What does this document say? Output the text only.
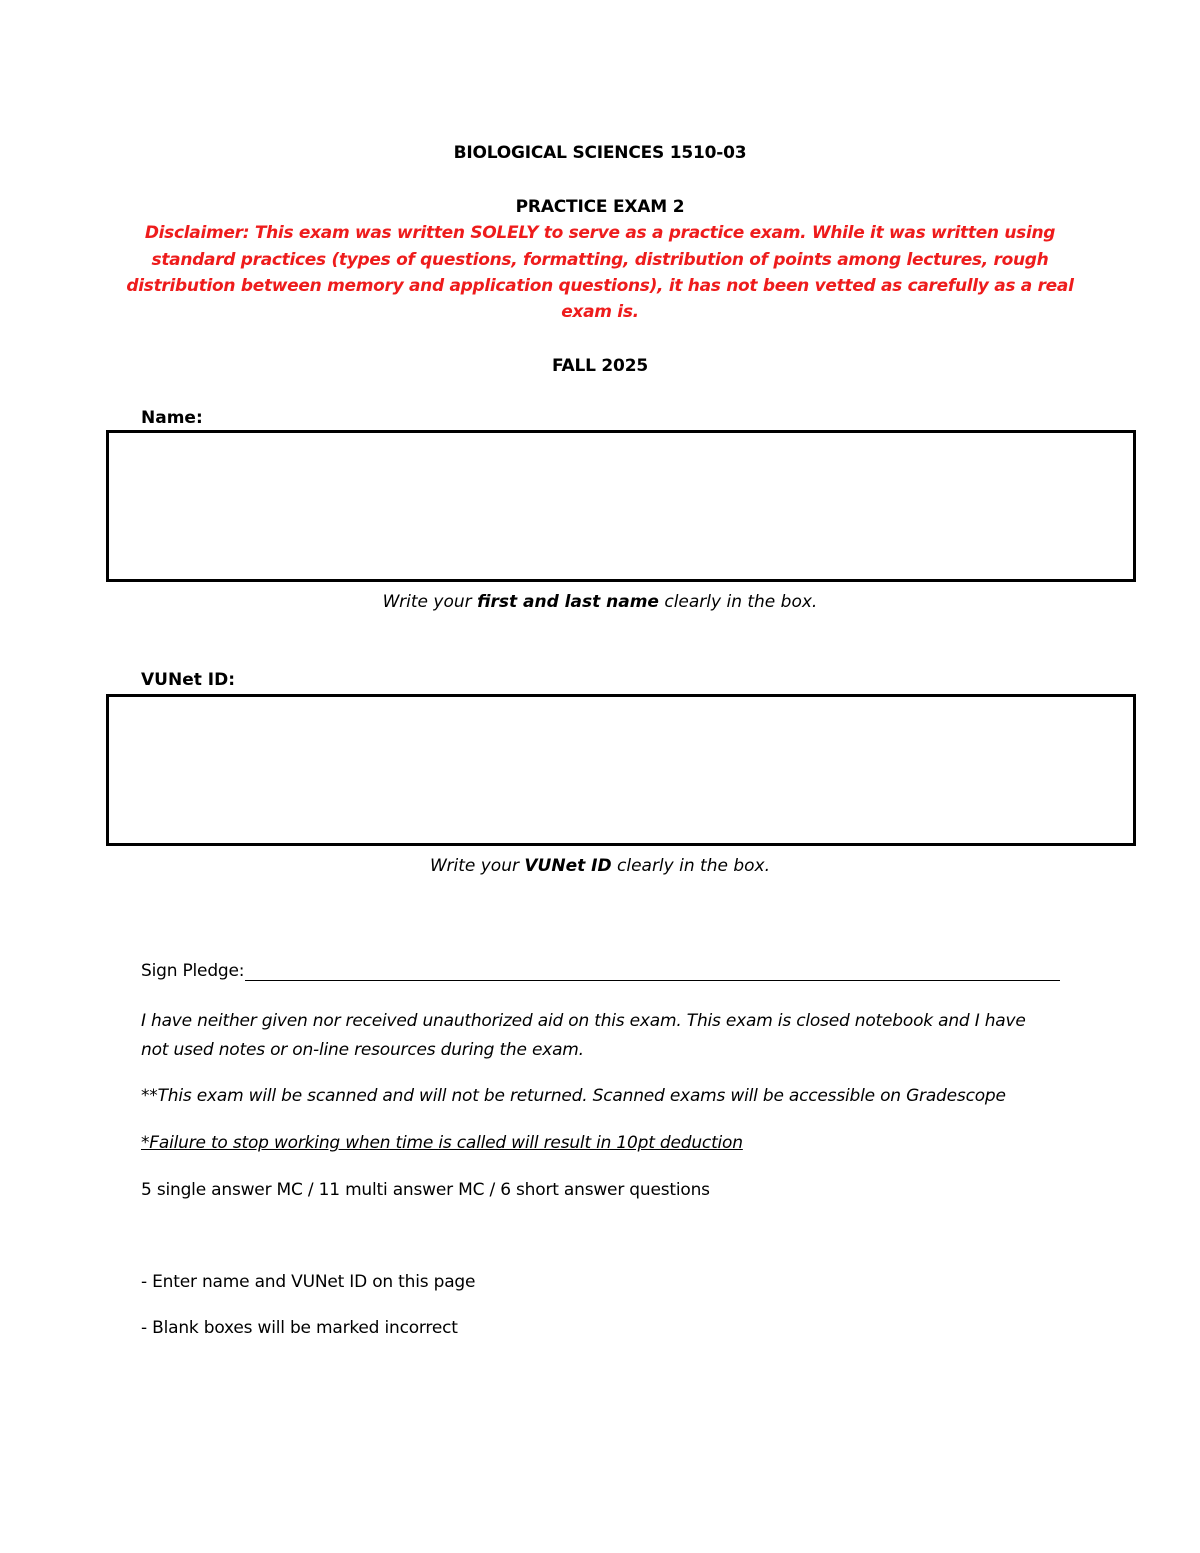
BIOLOGICAL SCIENCES 1510-03
PRACTICE EXAM 2
Disclaimer: This exam was written SOLELY to serve as a practice exam. While it was written using
standard practices (types of questions, formatting, distribution of points among lectures, rough
distribution between memory and application questions), it has not been vetted as carefully as a real
exam is.
FALL 2025
Name:
Write your first and last name clearly in the box.
VUNet ID:
Write your VUNet ID clearly in the box.
Sign Pledge:
I have neither given nor received unauthorized aid on this exam. This exam is closed notebook and I have
not used notes or on-line resources during the exam.
**This exam will be scanned and will not be returned. Scanned exams will be accessible on Gradescope
*Failure to stop working when time is called will result in 10pt deduction
5 single answer MC / 11 multi answer MC / 6 short answer questions
- Enter name and VUNet ID on this page
- Blank boxes will be marked incorrect
